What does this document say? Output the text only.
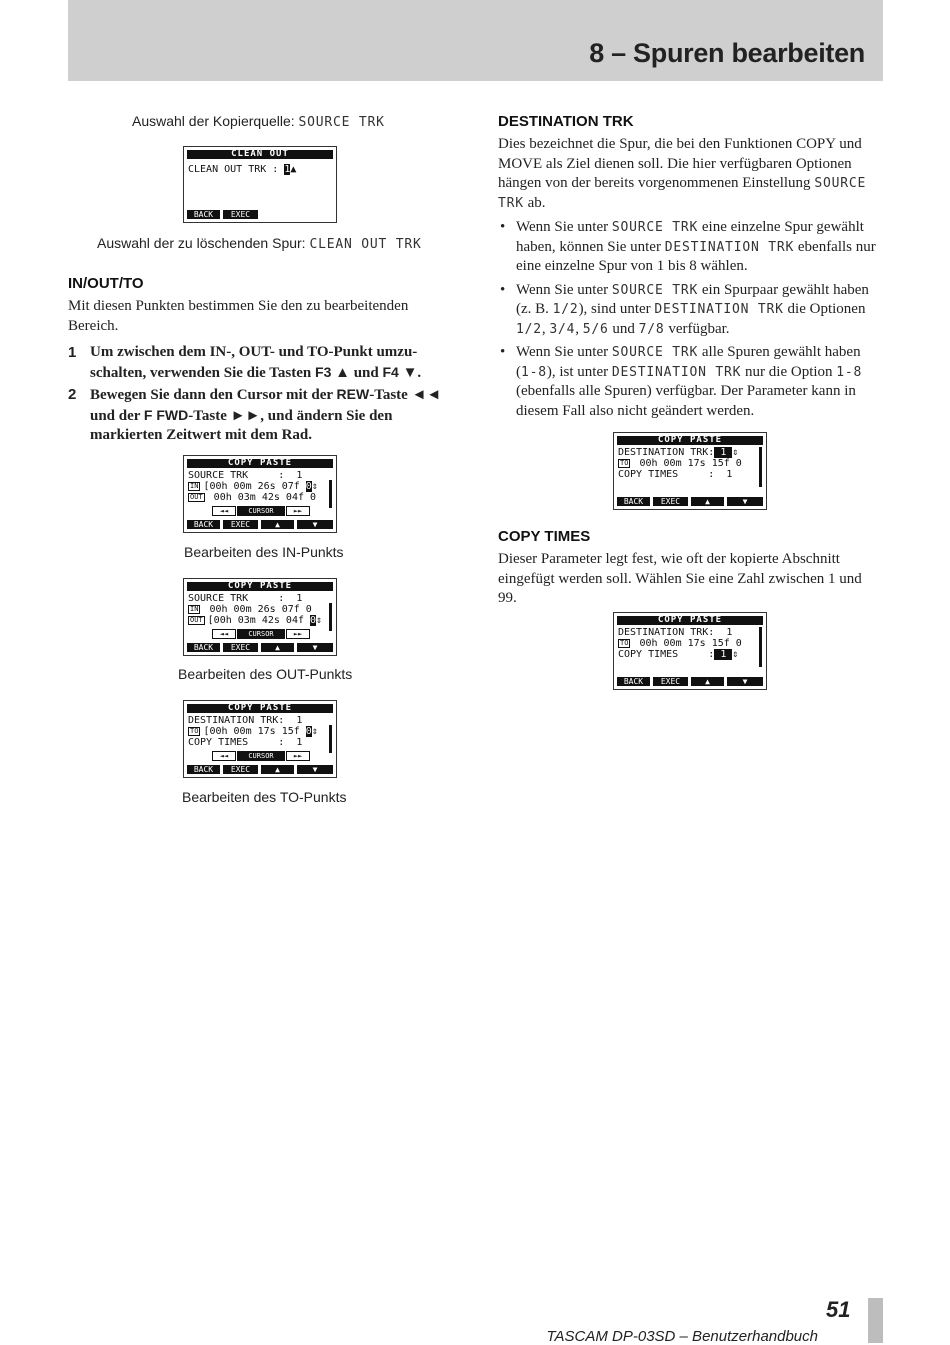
8 – Spuren bearbeiten
Auswahl der Kopierquelle: SOURCE TRK
CLEAN OUT
CLEAN OUT TRK : 1▲
BACK	EXEC
Auswahl der zu löschenden Spur: CLEAN OUT TRK
IN/OUT/TO

Mit diesen Punkten bestimmen Sie den zu bearbeitenden Bereich.

1 Um zwischen dem IN-, OUT- und TO-Punkt umzu-schalten, verwenden Sie die Tasten F3 ▲ und F4 ▼.
2 Bewegen Sie dann den Cursor mit der REW-Taste ◄◄ und der F FWD-Taste ►►, und ändern Sie den markierten Zeitwert mit dem Rad.
COPY PASTE
SOURCE TRK     :  1
IN [00h 00m 26s 07f 0⇕
OUT 00h 03m 42s 04f 0
◄◄	CURSOR	►►
BACK	EXEC	▲	▼
Bearbeiten des IN-Punkts
COPY PASTE
SOURCE TRK     :  1
IN 00h 00m 26s 07f 0
OUT [00h 03m 42s 04f 0⇕
◄◄	CURSOR	►►
BACK	EXEC	▲	▼
Bearbeiten des OUT-Punkts
COPY PASTE
DESTINATION TRK:  1
TO [00h 00m 17s 15f 0⇕
COPY TIMES     :  1
◄◄	CURSOR	►►
BACK	EXEC	▲	▼
Bearbeiten des TO-Punkts
DESTINATION TRK

Dies bezeichnet die Spur, die bei den Funktionen COPY und MOVE als Ziel dienen soll. Die hier verfügbaren Optionen hängen von der bereits vorgenommenen Einstellung SOURCE TRK ab.

• Wenn Sie unter SOURCE TRK eine einzelne Spur gewählt haben, können Sie unter DESTINATION TRK ebenfalls nur eine einzelne Spur von 1 bis 8 wählen.
• Wenn Sie unter SOURCE TRK ein Spurpaar gewählt haben (z. B. 1/2), sind unter DESTINATION TRK die Optionen 1/2, 3/4, 5/6 und 7/8 verfügbar.
• Wenn Sie unter SOURCE TRK alle Spuren gewählt haben (1-8), ist unter DESTINATION TRK nur die Option 1-8 (ebenfalls alle Spuren) verfügbar. Der Parameter kann in diesem Fall also nicht geändert werden.
COPY PASTE
DESTINATION TRK: 1 ⇕
TO 00h 00m 17s 15f 0
COPY TIMES     :  1
BACK	EXEC	▲	▼
COPY TIMES

Dieser Parameter legt fest, wie oft der kopierte Abschnitt eingefügt werden soll. Wählen Sie eine Zahl zwischen 1 und 99.

COPY PASTE
DESTINATION TRK:  1
TO 00h 00m 17s 15f 0
COPY TIMES     : 1 ⇕
BACK	EXEC	▲	▼
TASCAM DP-03SD – Benutzerhandbuch
51
